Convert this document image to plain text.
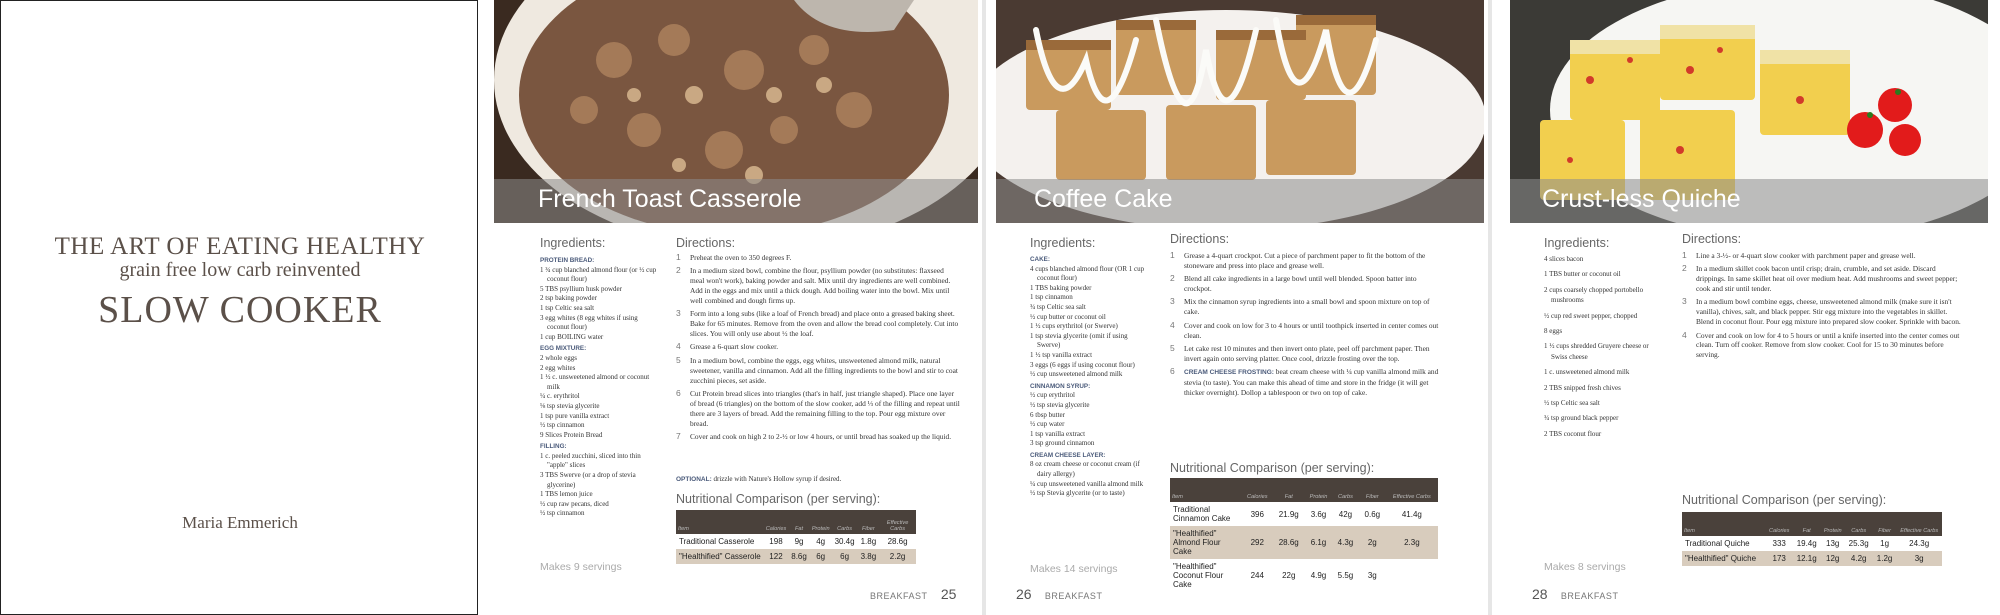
THE ART OF EATING HEALTHY
grain free low carb reinvented
SLOW COOKER
Maria Emmerich
French Toast Casserole
Ingredients:
PROTEIN BREAD:
1 ¾ cup blanched almond flour (or ½ cup coconut flour)
5 TBS psyllium husk powder
2 tsp baking powder
1 tsp Celtic sea salt
3 egg whites (8 egg whites if using coconut flour)
1 cup BOILING water
EGG MIXTURE:
2 whole eggs
2 egg whites
1 ½ c. unsweetened almond or coconut milk
¼ c. erythritol
⅛ tsp stevia glycerite
1 tsp pure vanilla extract
½ tsp cinnamon
9 Slices Protein Bread
FILLING:
1 c. peeled zucchini, sliced into thin "apple" slices
3 TBS Swerve (or a drop of stevia glycerine)
1 TBS lemon juice
½ cup raw pecans, diced
½ tsp cinnamon
Directions:
1 Preheat the oven to 350 degrees F.
2 In a medium sized bowl, combine the flour, psyllium powder (no substitutes: flaxseed meal won't work), baking powder and salt. Mix until dry ingredients are well combined. Add in the eggs and mix until a thick dough. Add boiling water into the bowl. Mix until well combined and dough firms up.
3 Form into a long subs (like a loaf of French bread) and place onto a greased baking sheet. Bake for 65 minutes. Remove from the oven and allow the bread cool completely. Cut into slices. You will only use about ½ the loaf.
4 Grease a 6-quart slow cooker.
5 In a medium bowl, combine the eggs, egg whites, unsweetened almond milk, natural sweetener, vanilla and cinnamon. Add all the filling ingredients to the bowl and stir to coat zucchini pieces, set aside.
6 Cut Protein bread slices into triangles (that's in half, just triangle shaped). Place one layer of bread (6 triangles) on the bottom of the slow cooker, add ⅓ of the filling and repeat until there are 3 layers of bread. Add the remaining filling to the top. Pour egg mixture over bread.
7 Cover and cook on high 2 to 2-½ or low 4 hours, or until bread has soaked up the liquid.
OPTIONAL: drizzle with Nature's Hollow syrup if desired.
Nutritional Comparison (per serving):
Item	Calories	Fat	Protein	Carbs	Fiber	Effective Carbs
Traditional Casserole	198	9g	4g	30.4g	1.8g	28.6g
"Healthified" Casserole	122	8.6g	6g	6g	3.8g	2.2g
Makes 9 servings
BREAKFAST 25
Coffee Cake
Ingredients:
CAKE:
4 cups blanched almond flour (OR 1 cup coconut flour)
1 TBS baking powder
1 tsp cinnamon
¾ tsp Celtic sea salt
½ cup butter or coconut oil
1 ½ cups erythritol (or Swerve)
1 tsp stevia glycerite (omit if using Swerve)
1 ½ tsp vanilla extract
3 eggs (6 eggs if using coconut flour)
½ cup unsweetened almond milk
CINNAMON SYRUP:
½ cup erythritol
½ tsp stevia glycerite
6 tbsp butter
½ cup water
1 tsp vanilla extract
3 tsp ground cinnamon
CREAM CHEESE LAYER:
8 oz cream cheese or coconut cream (if dairy allergy)
¼ cup unsweetened vanilla almond milk
½ tsp Stevia glycerite (or to taste)
Directions:
1 Grease a 4-quart crockpot. Cut a piece of parchment paper to fit the bottom of the stoneware and press into place and grease well.
2 Blend all cake ingredients in a large bowl until well blended. Spoon batter into crockpot.
3 Mix the cinnamon syrup ingredients into a small bowl and spoon mixture on top of cake.
4 Cover and cook on low for 3 to 4 hours or until toothpick inserted in center comes out clean.
5 Let cake rest 10 minutes and then invert onto plate, peel off parchment paper. Then invert again onto serving platter. Once cool, drizzle frosting over the top.
6 CREAM CHEESE FROSTING: beat cream cheese with ¼ cup vanilla almond milk and stevia (to taste). You can make this ahead of time and store in the fridge (it will get thicker overnight). Dollop a tablespoon or two on top of cake.
Nutritional Comparison (per serving):
Item	Calories	Fat	Protein	Carbs	Fiber	Effective Carbs
Traditional Cinnamon Cake	396	21.9g	3.6g	42g	0.6g	41.4g
"Healthified" Almond Flour Cake	292	28.6g	6.1g	4.3g	2g	2.3g
"Healthified" Coconut Flour Cake	244	22g	4.9g	5.5g	3g	
Makes 14 servings
26 BREAKFAST
Crust-less Quiche
Ingredients:
4 slices bacon
1 TBS butter or coconut oil
2 cups coarsely chopped portobello mushrooms
½ cup red sweet pepper, chopped
8 eggs
1 ½ cups shredded Gruyere cheese or Swiss cheese
1 c. unsweetened almond milk
2 TBS snipped fresh chives
½ tsp Celtic sea salt
¾ tsp ground black pepper
2 TBS coconut flour
Directions:
1 Line a 3-½- or 4-quart slow cooker with parchment paper and grease well.
2 In a medium skillet cook bacon until crisp; drain, crumble, and set aside. Discard drippings. In same skillet heat oil over medium heat. Add mushrooms and sweet pepper; cook and stir until tender.
3 In a medium bowl combine eggs, cheese, unsweetened almond milk (make sure it isn't vanilla), chives, salt, and black pepper. Stir egg mixture into the vegetables in skillet. Blend in coconut flour. Pour egg mixture into prepared slow cooker. Sprinkle with bacon.
4 Cover and cook on low for 4 to 5 hours or until a knife inserted into the center comes out clean. Turn off cooker. Remove from slow cooker. Cool for 15 to 30 minutes before serving.
Nutritional Comparison (per serving):
Item	Calories	Fat	Protein	Carbs	Fiber	Effective Carbs
Traditional Quiche	333	19.4g	13g	25.3g	1g	24.3g
"Healthified" Quiche	173	12.1g	12g	4.2g	1.2g	3g
Makes 8 servings
28 BREAKFAST
